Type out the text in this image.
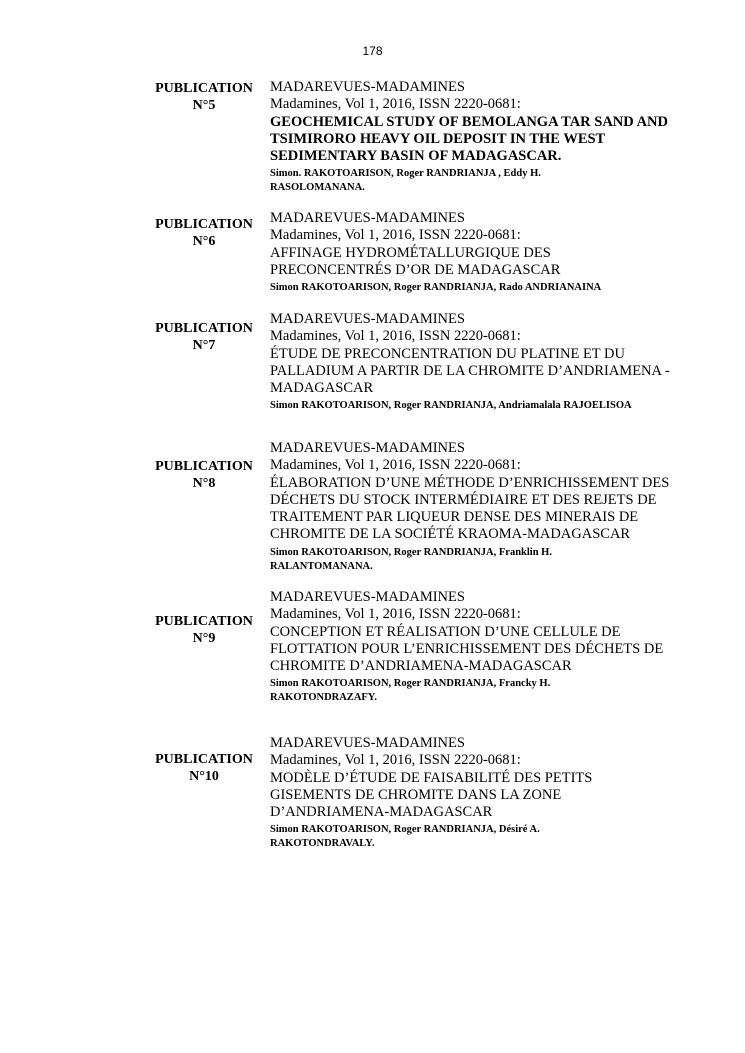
178
PUBLICATION
N°5
MADAREVUES-MADAMINES
Madamines, Vol 1, 2016, ISSN 2220-0681:
GEOCHEMICAL STUDY OF BEMOLANGA TAR SAND AND TSIMIRORO HEAVY OIL DEPOSIT IN THE WEST SEDIMENTARY BASIN OF MADAGASCAR.
Simon. RAKOTOARISON, Roger RANDRIANJA , Eddy H. RASOLOMANANA.
PUBLICATION
N°6
MADAREVUES-MADAMINES
Madamines, Vol 1, 2016, ISSN 2220-0681:
AFFINAGE HYDROMÉTALLURGIQUE DES PRECONCENTRÉS D’OR DE MADAGASCAR
Simon RAKOTOARISON, Roger RANDRIANJA, Rado ANDRIANAINA
PUBLICATION
N°7
MADAREVUES-MADAMINES
Madamines, Vol 1, 2016, ISSN 2220-0681:
ÉTUDE DE PRECONCENTRATION DU PLATINE ET DU PALLADIUM A PARTIR DE LA CHROMITE D’ANDRIAMENA - MADAGASCAR
Simon RAKOTOARISON, Roger RANDRIANJA, Andriamalala RAJOELISOA
PUBLICATION
N°8
MADAREVUES-MADAMINES
Madamines, Vol 1, 2016, ISSN 2220-0681:
ÉLABORATION D’UNE MÉTHODE D’ENRICHISSEMENT DES DÉCHETS DU STOCK INTERMÉDIAIRE ET DES REJETS DE TRAITEMENT PAR LIQUEUR DENSE DES MINERAIS DE CHROMITE DE LA SOCIÉTÉ KRAOMA-MADAGASCAR
Simon RAKOTOARISON, Roger RANDRIANJA, Franklin H. RALANTOMANANA.
PUBLICATION
N°9
MADAREVUES-MADAMINES
Madamines, Vol 1, 2016, ISSN 2220-0681:
CONCEPTION ET RÉALISATION D’UNE CELLULE DE FLOTTATION POUR L’ENRICHISSEMENT DES DÉCHETS DE CHROMITE D’ANDRIAMENA-MADAGASCAR
Simon RAKOTOARISON, Roger RANDRIANJA, Francky H. RAKOTONDRAZAFY.
PUBLICATION
N°10
MADAREVUES-MADAMINES
Madamines, Vol 1, 2016, ISSN 2220-0681:
MODÈLE D’ÉTUDE DE FAISABILITÉ DES PETITS GISEMENTS DE CHROMITE DANS LA ZONE D’ANDRIAMENA-MADAGASCAR
Simon RAKOTOARISON, Roger RANDRIANJA, Désiré A. RAKOTONDRAVALY.
